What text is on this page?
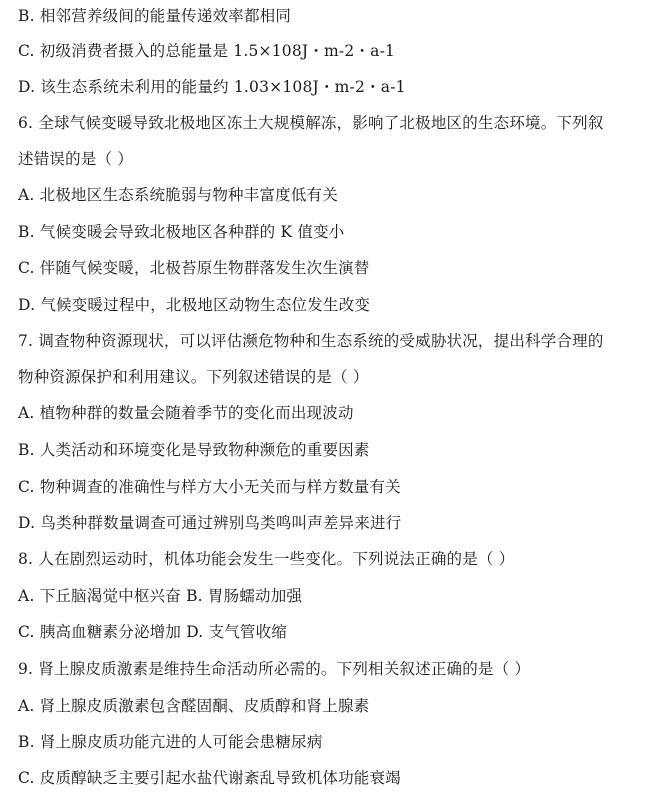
B. 相邻营养级间的能量传递效率都相同
C. 初级消费者摄入的总能量是 1.5×108J・m-2・a-1
D. 该生态系统未利用的能量约 1.03×108J・m-2・a-1
6. 全球气候变暖导致北极地区冻土大规模解冻，影响了北极地区的生态环境。下列叙
述错误的是（ ）
A. 北极地区生态系统脆弱与物种丰富度低有关
B. 气候变暖会导致北极地区各种群的 K 值变小
C. 伴随气候变暖，北极苔原生物群落发生次生演替
D. 气候变暖过程中，北极地区动物生态位发生改变
7. 调查物种资源现状，可以评估濒危物种和生态系统的受威胁状况，提出科学合理的
物种资源保护和利用建议。下列叙述错误的是（ ）
A. 植物种群的数量会随着季节的变化而出现波动
B. 人类活动和环境变化是导致物种濒危的重要因素
C. 物种调查的准确性与样方大小无关而与样方数量有关
D. 鸟类种群数量调查可通过辨别鸟类鸣叫声差异来进行
8. 人在剧烈运动时，机体功能会发生一些变化。下列说法正确的是（ ）
A. 下丘脑渴觉中枢兴奋 B. 胃肠蠕动加强
C. 胰高血糖素分泌增加 D. 支气管收缩
9. 肾上腺皮质激素是维持生命活动所必需的。下列相关叙述正确的是（ ）
A. 肾上腺皮质激素包含醛固酮、皮质醇和肾上腺素
B. 肾上腺皮质功能亢进的人可能会患糖尿病
C. 皮质醇缺乏主要引起水盐代谢紊乱导致机体功能衰竭
